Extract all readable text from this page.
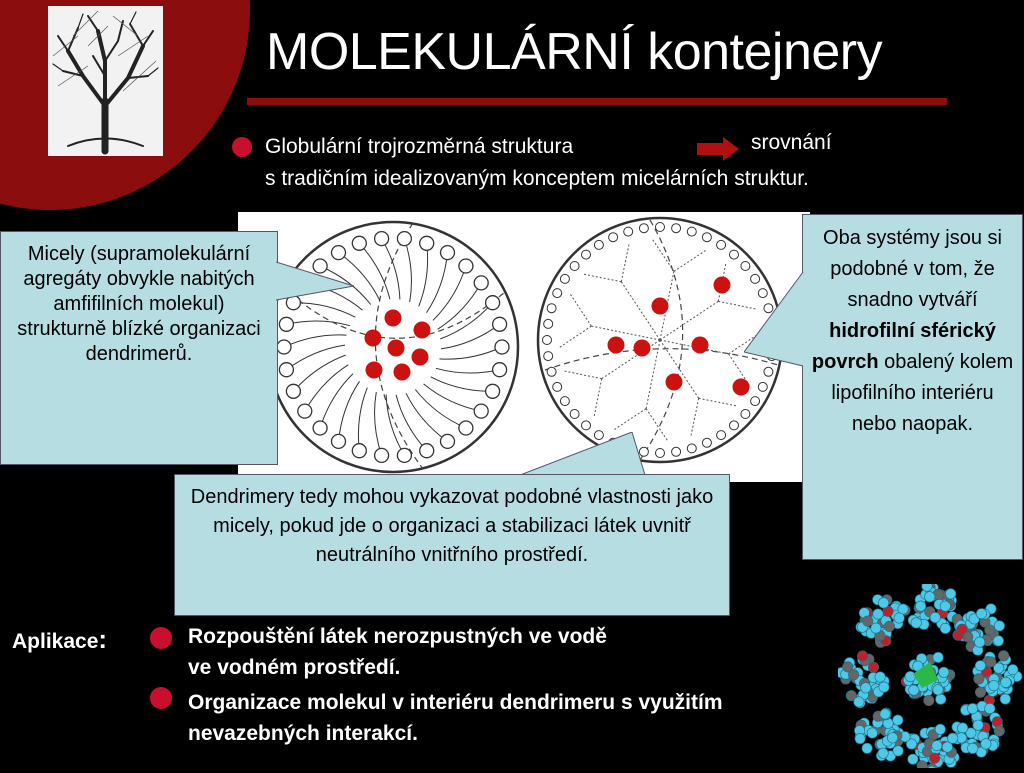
MOLEKULÁRNÍ kontejnery
Globulární trojrozměrná struktura
s tradičním idealizovaným konceptem micelárních struktur.
srovnání
Micely (supramolekulární agregáty obvykle nabitých amfifilních molekul) strukturně blízké organizaci dendrimerů.
Oba systémy jsou si podobné v tom, že snadno vytváří hidrofilní sférický povrch obalený kolem lipofilního interiéru nebo naopak.
Dendrimery tedy mohou vykazovat podobné vlastnosti jako micely, pokud jde o organizaci a stabilizaci látek uvnitř neutrálního vnitřního prostředí.
Aplikace:	Rozpouštění látek nerozpustných ve vodě
ve vodném prostředí.
Organizace molekul v interiéru dendrimeru s využitím
nevazebných interakcí.
